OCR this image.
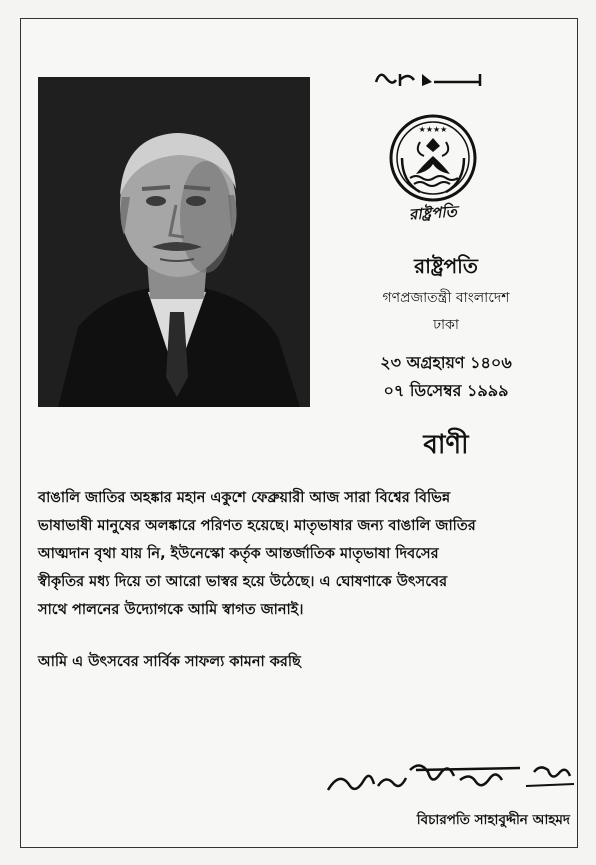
★★★★
রাষ্ট্রপতি

রাষ্ট্রপতি

গণপ্রজাতন্ত্রী বাংলাদেশ

ঢাকা

২৩ অগ্রহায়ণ ১৪০৬

০৭ ডিসেম্বর ১৯৯৯

বাণী
বাঙালি জাতির অহঙ্কার মহান একুশে ফেব্রুয়ারী আজ সারা বিশ্বের বিভিন্ন
ভাষাভাষী মানুষের অলঙ্কারে পরিণত হয়েছে। মাতৃভাষার জন্য বাঙালি জাতির
আত্মদান বৃথা যায় নি, ইউনেস্কো কর্তৃক আন্তর্জাতিক মাতৃভাষা দিবসের
স্বীকৃতির মধ্য দিয়ে তা আরো ভাস্বর হয়ে উঠেছে। এ ঘোষণাকে উৎসবের
সাথে পালনের উদ্যোগকে আমি স্বাগত জানাই।

আমি এ উৎসবের সার্বিক সাফল্য কামনা করছি

বিচারপতি সাহাবুদ্দীন আহমদ
